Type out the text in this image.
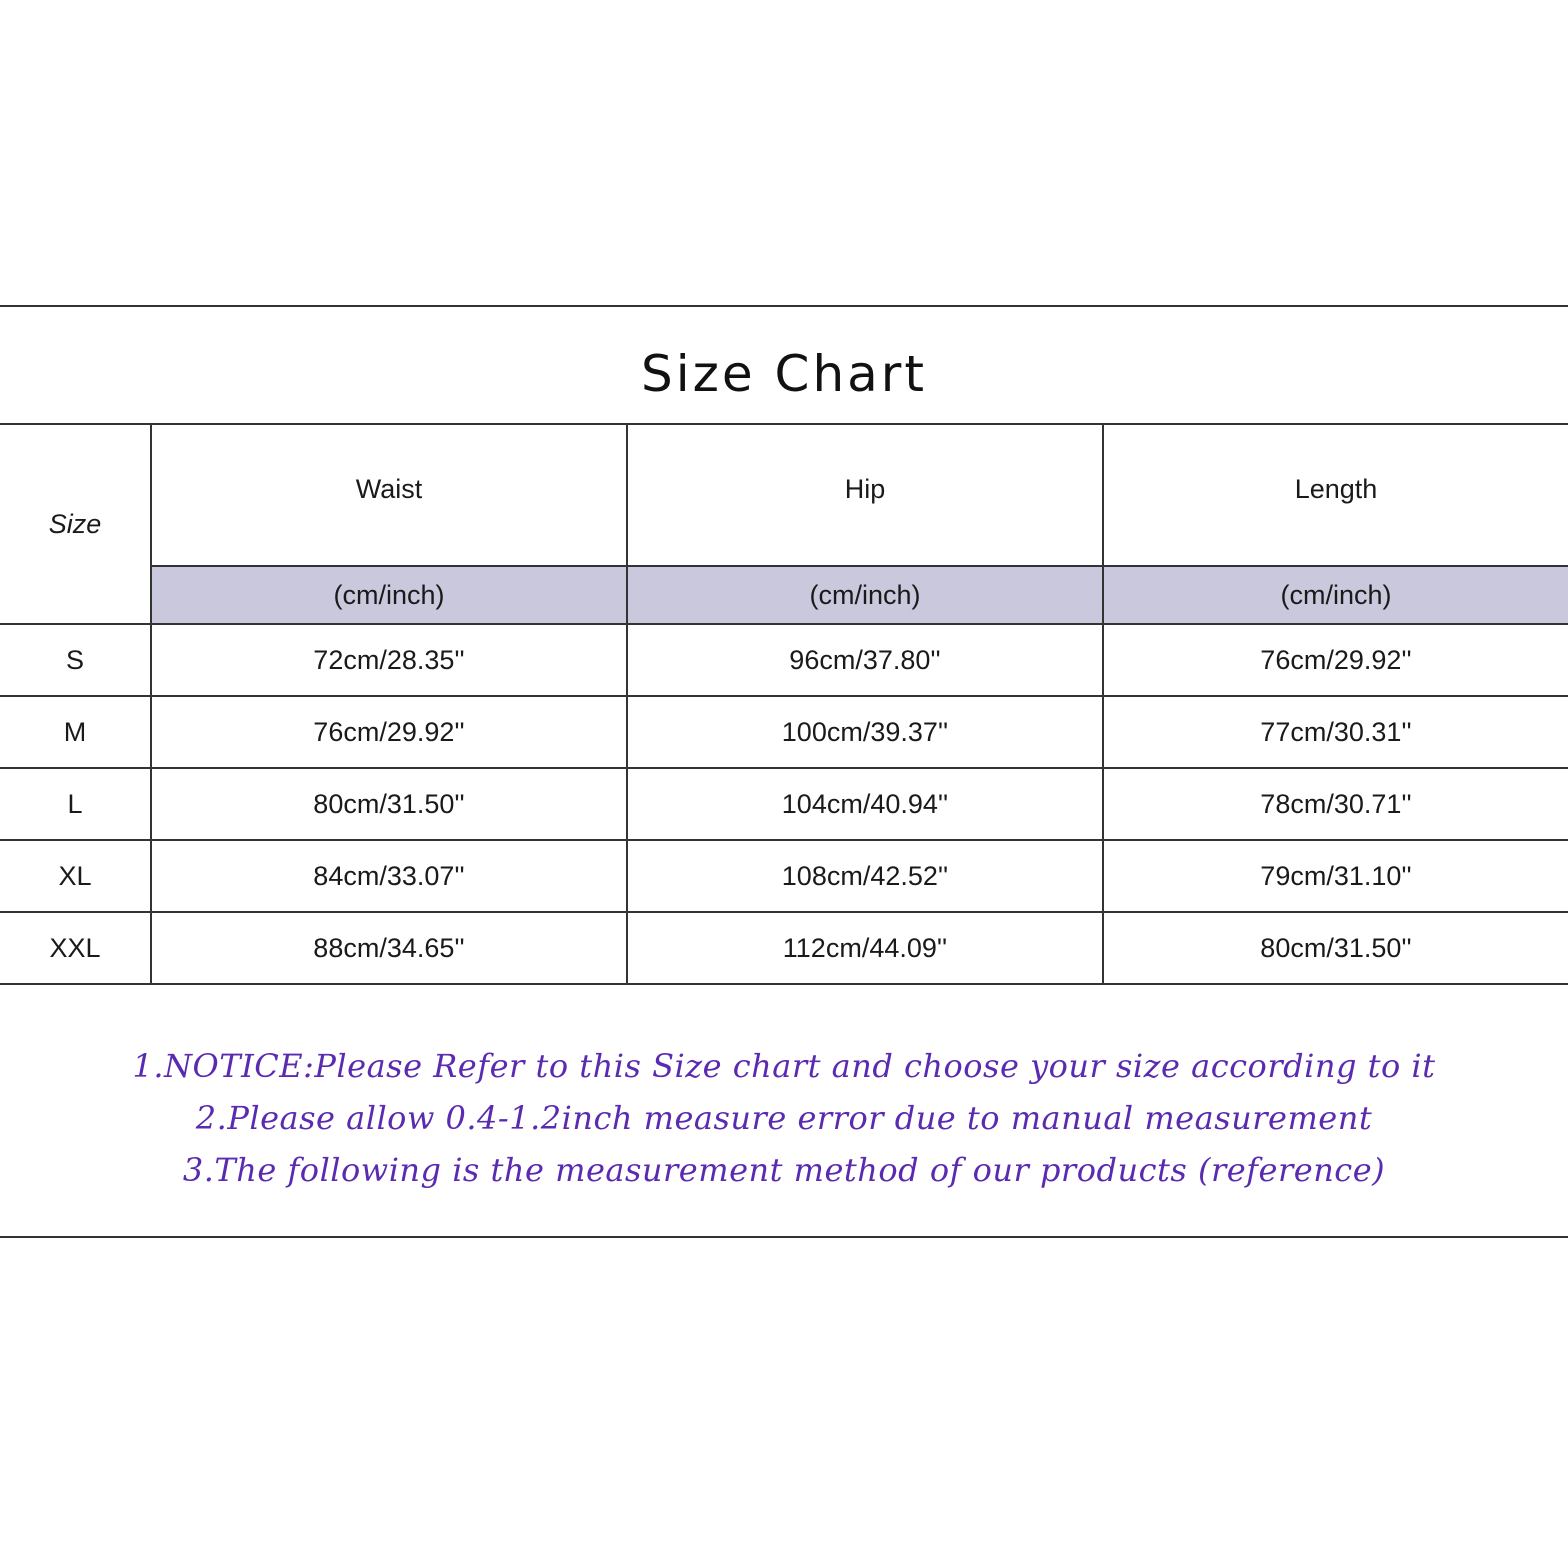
Size Chart
Size	Waist	Hip	Length
	(cm/inch)	(cm/inch)	(cm/inch)
S	72cm/28.35''	96cm/37.80''	76cm/29.92''
M	76cm/29.92''	100cm/39.37''	77cm/30.31''
L	80cm/31.50''	104cm/40.94''	78cm/30.71''
XL	84cm/33.07''	108cm/42.52''	79cm/31.10''
XXL	88cm/34.65''	112cm/44.09''	80cm/31.50''
1.NOTICE:Please Refer to this Size chart and choose your size according to it
2.Please allow 0.4-1.2inch measure error due to manual measurement
3.The following is the measurement method of our products (reference)
